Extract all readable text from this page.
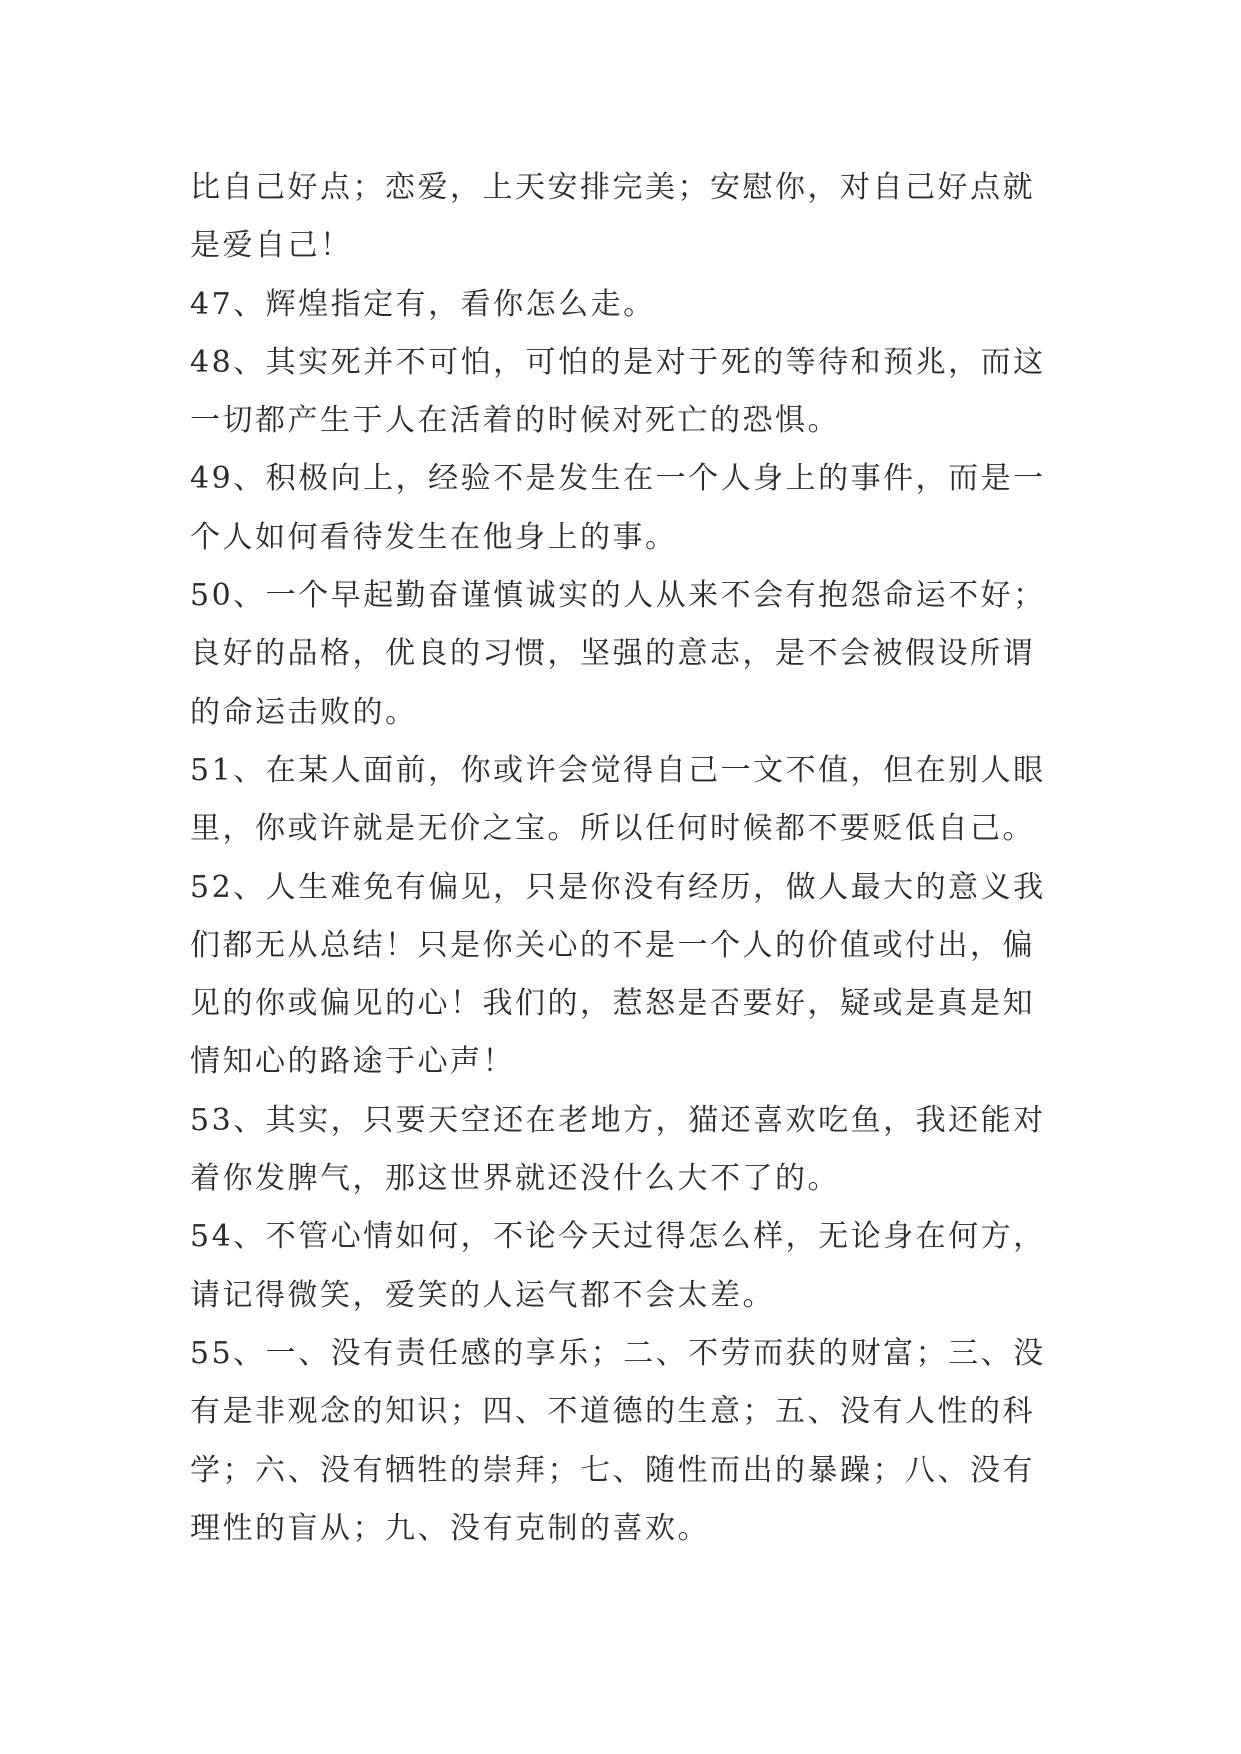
比自己好点；恋爱，上天安排完美；安慰你，对自己好点就
是爱自己！
47、辉煌指定有，看你怎么走。
48、其实死并不可怕，可怕的是对于死的等待和预兆，而这
一切都产生于人在活着的时候对死亡的恐惧。
49、积极向上，经验不是发生在一个人身上的事件，而是一
个人如何看待发生在他身上的事。
50、一个早起勤奋谨慎诚实的人从来不会有抱怨命运不好；
良好的品格，优良的习惯，坚强的意志，是不会被假设所谓
的命运击败的。
51、在某人面前，你或许会觉得自己一文不值，但在别人眼
里，你或许就是无价之宝。所以任何时候都不要贬低自己。
52、人生难免有偏见，只是你没有经历，做人最大的意义我
们都无从总结！只是你关心的不是一个人的价值或付出，偏
见的你或偏见的心！我们的，惹怒是否要好，疑或是真是知
情知心的路途于心声！
53、其实，只要天空还在老地方，猫还喜欢吃鱼，我还能对
着你发脾气，那这世界就还没什么大不了的。
54、不管心情如何，不论今天过得怎么样，无论身在何方，
请记得微笑，爱笑的人运气都不会太差。
55、一、没有责任感的享乐；二、不劳而获的财富；三、没
有是非观念的知识；四、不道德的生意；五、没有人性的科
学；六、没有牺牲的崇拜；七、随性而出的暴躁；八、没有
理性的盲从；九、没有克制的喜欢。
